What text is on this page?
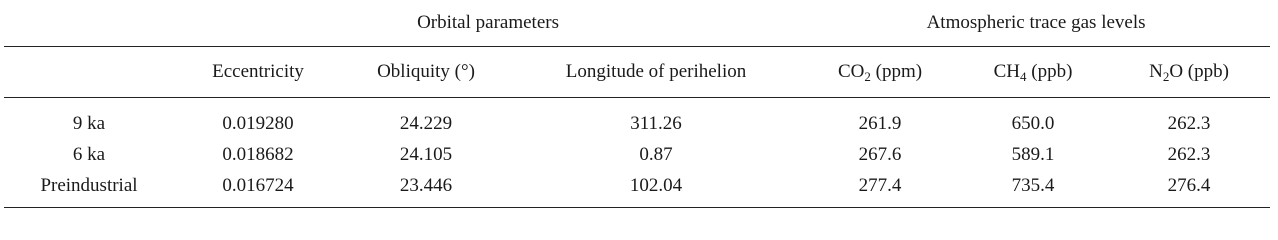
	Orbital parameters			Atmospheric trace gas levels		

	Eccentricity	Obliquity (°)	Longitude of perihelion	$CO_2$ (ppm)	$CH_4$ (ppb)	$N_2O$ (ppb)
9 ka	0.019280	24.229	311.26	261.9	650.0	262.3
6 ka	0.018682	24.105	0.87	267.6	589.1	262.3
Preindustrial	0.016724	23.446	102.04	277.4	735.4	276.4
